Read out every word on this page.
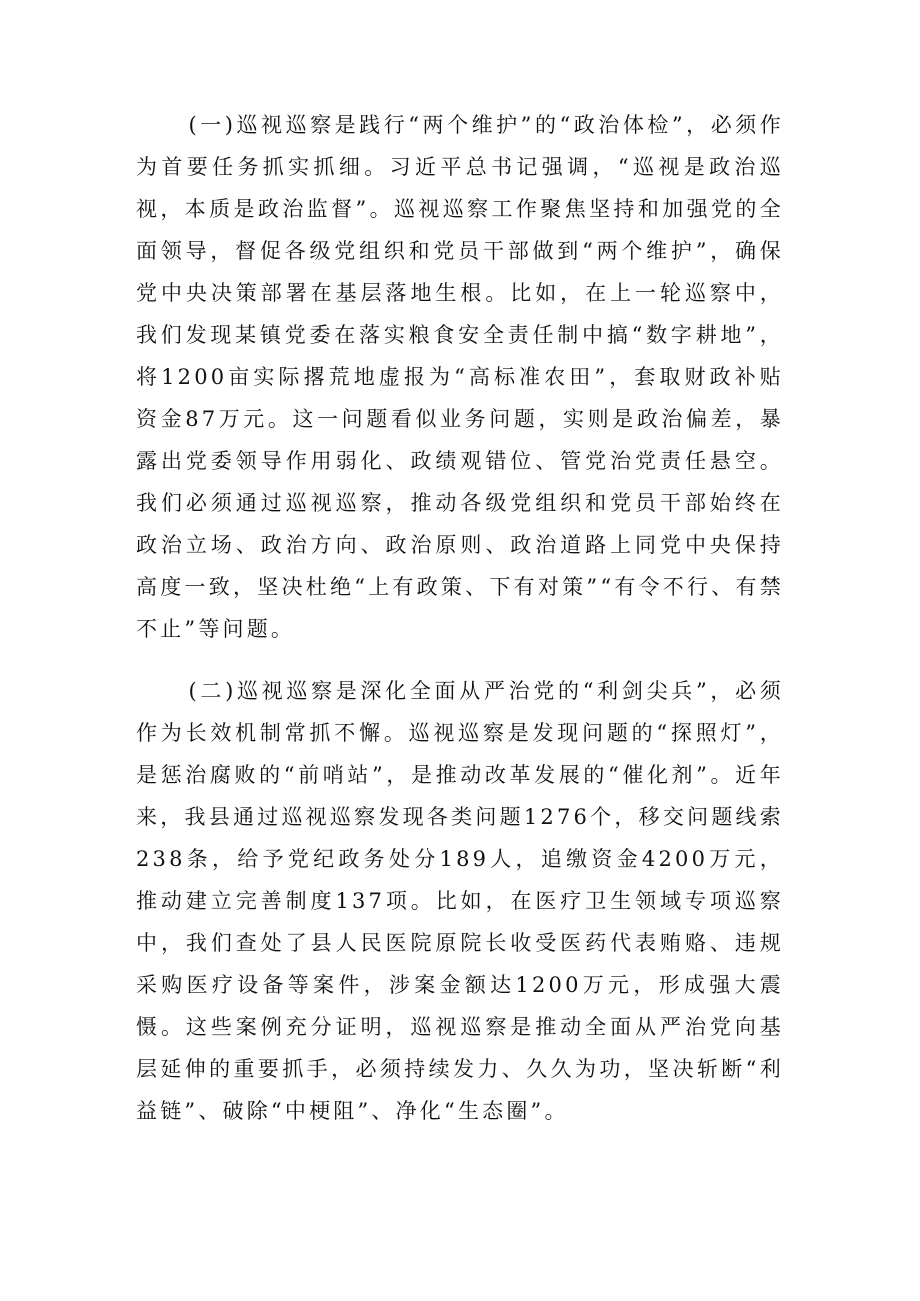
(一)巡视巡察是践行“两个维护”的“政治体检”，必须作为首要任务抓实抓细。习近平总书记强调，“巡视是政治巡视，本质是政治监督”。巡视巡察工作聚焦坚持和加强党的全面领导，督促各级党组织和党员干部做到“两个维护”，确保党中央决策部署在基层落地生根。比如，在上一轮巡察中，我们发现某镇党委在落实粮食安全责任制中搞“数字耕地”，将1200亩实际撂荒地虚报为“高标准农田”，套取财政补贴资金87万元。这一问题看似业务问题，实则是政治偏差，暴露出党委领导作用弱化、政绩观错位、管党治党责任悬空。我们必须通过巡视巡察，推动各级党组织和党员干部始终在政治立场、政治方向、政治原则、政治道路上同党中央保持高度一致，坚决杜绝“上有政策、下有对策”“有令不行、有禁不止”等问题。

(二)巡视巡察是深化全面从严治党的“利剑尖兵”，必须作为长效机制常抓不懈。巡视巡察是发现问题的“探照灯”，是惩治腐败的“前哨站”，是推动改革发展的“催化剂”。近年来，我县通过巡视巡察发现各类问题1276个，移交问题线索238条，给予党纪政务处分189人，追缴资金4200万元，推动建立完善制度137项。比如，在医疗卫生领域专项巡察中，我们查处了县人民医院原院长收受医药代表贿赂、违规采购医疗设备等案件，涉案金额达1200万元，形成强大震慑。这些案例充分证明，巡视巡察是推动全面从严治党向基层延伸的重要抓手，必须持续发力、久久为功，坚决斩断“利益链”、破除“中梗阻”、净化“生态圈”。
